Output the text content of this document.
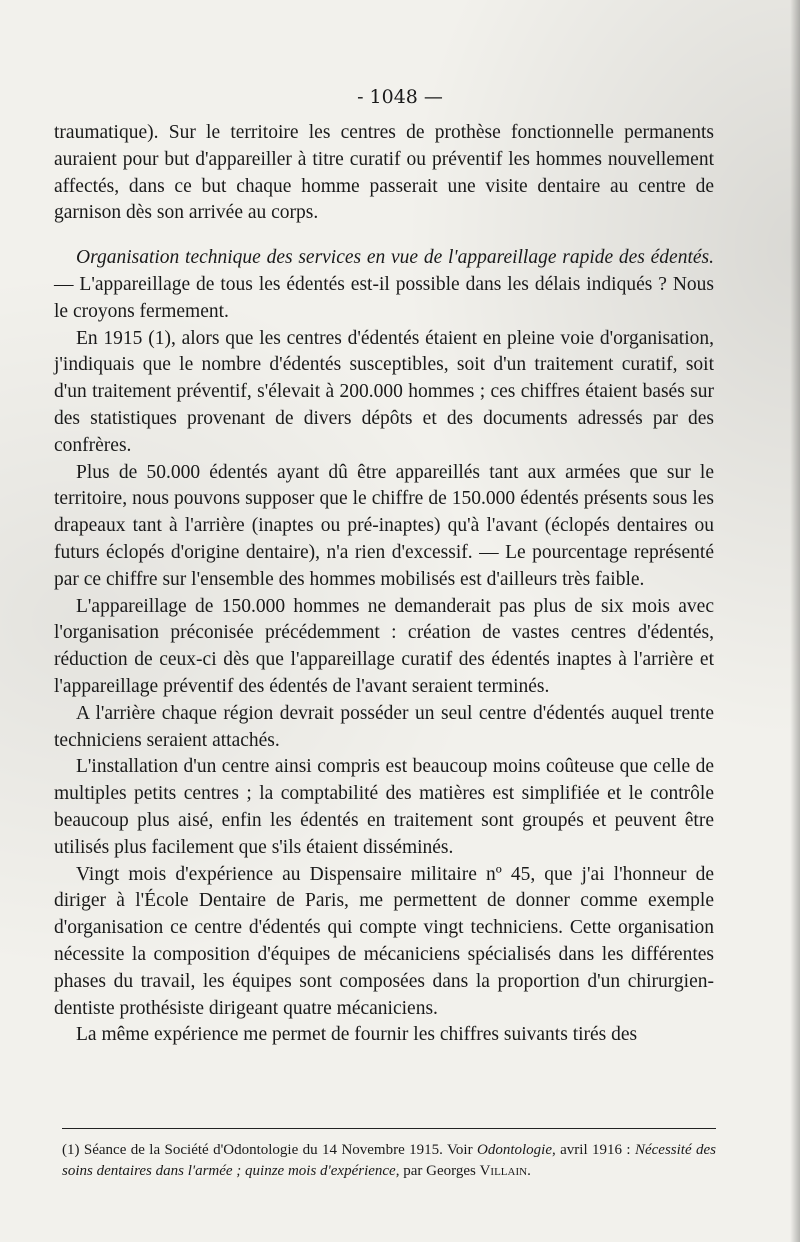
- 1048 —

traumatique). Sur le territoire les centres de prothèse fonctionnelle permanents auraient pour but d'appareiller à titre curatif ou préventif les hommes nouvellement affectés, dans ce but chaque homme passerait une visite dentaire au centre de garnison dès son arrivée au corps.

Organisation technique des services en vue de l'appareillage rapide des édentés. — L'appareillage de tous les édentés est-il possible dans les délais indiqués ? Nous le croyons fermement.

En 1915 (1), alors que les centres d'édentés étaient en pleine voie d'organisation, j'indiquais que le nombre d'édentés susceptibles, soit d'un traitement curatif, soit d'un traitement préventif, s'élevait à 200.000 hommes ; ces chiffres étaient basés sur des statistiques provenant de divers dépôts et des documents adressés par des confrères.

Plus de 50.000 édentés ayant dû être appareillés tant aux armées que sur le territoire, nous pouvons supposer que le chiffre de 150.000 édentés présents sous les drapeaux tant à l'arrière (inaptes ou pré-inaptes) qu'à l'avant (éclopés dentaires ou futurs éclopés d'origine dentaire), n'a rien d'excessif. — Le pourcentage représenté par ce chiffre sur l'ensemble des hommes mobilisés est d'ailleurs très faible.

L'appareillage de 150.000 hommes ne demanderait pas plus de six mois avec l'organisation préconisée précédemment : création de vastes centres d'édentés, réduction de ceux-ci dès que l'appareillage curatif des édentés inaptes à l'arrière et l'appareillage préventif des édentés de l'avant seraient terminés.

A l'arrière chaque région devrait posséder un seul centre d'édentés auquel trente techniciens seraient attachés.

L'installation d'un centre ainsi compris est beaucoup moins coûteuse que celle de multiples petits centres ; la comptabilité des matières est simplifiée et le contrôle beaucoup plus aisé, enfin les édentés en traitement sont groupés et peuvent être utilisés plus facilement que s'ils étaient disséminés.

Vingt mois d'expérience au Dispensaire militaire nº 45, que j'ai l'honneur de diriger à l'École Dentaire de Paris, me permettent de donner comme exemple d'organisation ce centre d'édentés qui compte vingt techniciens. Cette organisation nécessite la composition d'équipes de mécaniciens spécialisés dans les différentes phases du travail, les équipes sont composées dans la proportion d'un chirurgien-dentiste prothésiste dirigeant quatre mécaniciens.

La même expérience me permet de fournir les chiffres suivants tirés des

(1) Séance de la Société d'Odontologie du 14 Novembre 1915. Voir Odontologie, avril 1916 : Nécessité des soins dentaires dans l'armée ; quinze mois d'expérience, par Georges Villain.
